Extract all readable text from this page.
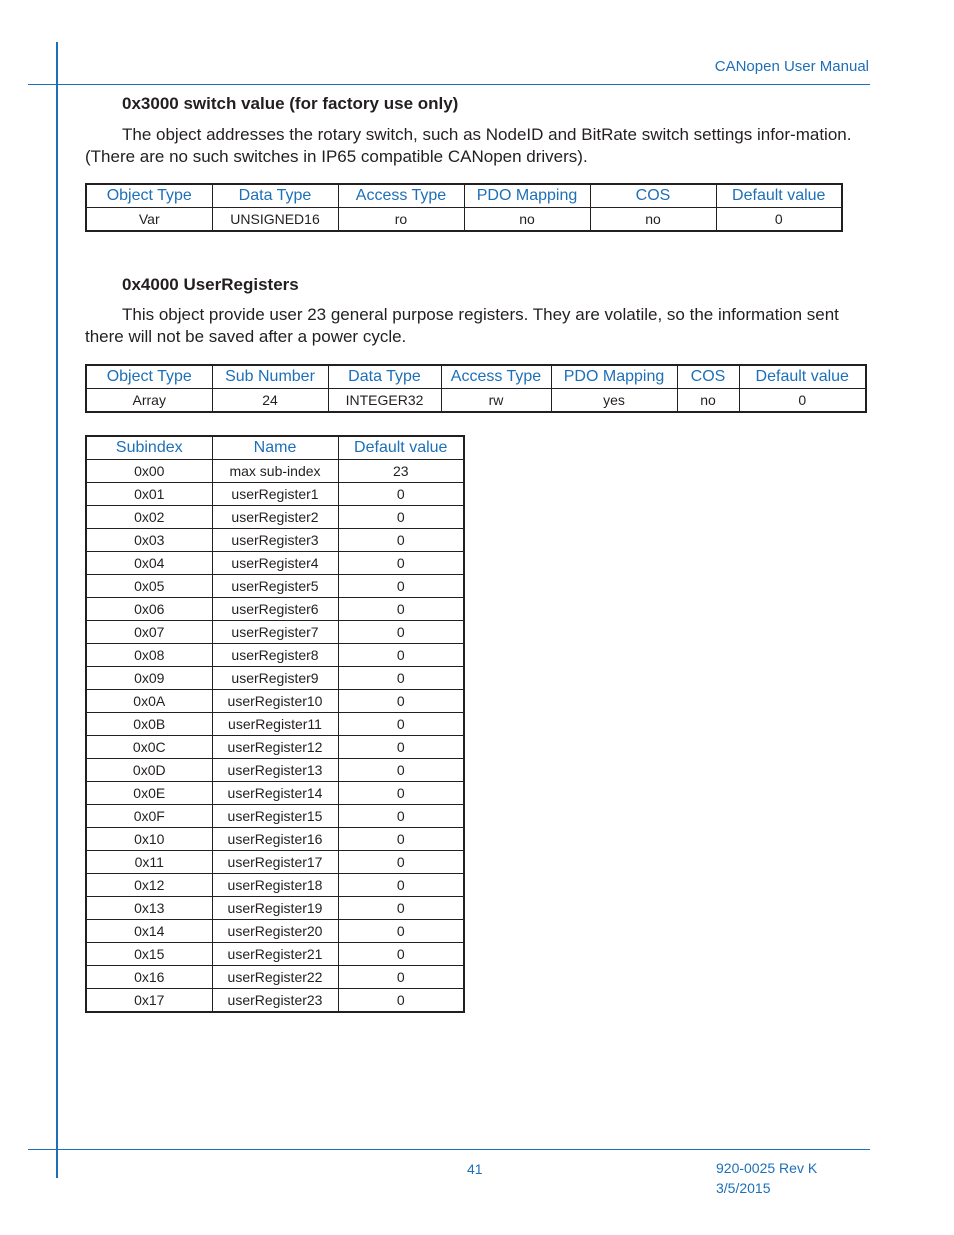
CANopen User Manual
0x3000 switch value (for factory use only)
The object addresses the rotary switch, such as NodeID and BitRate switch settings infor-mation. (There are no such switches in IP65 compatible CANopen drivers).
Object Type	Data Type	Access Type	PDO Mapping	COS	Default value
Var	UNSIGNED16	ro	no	no	0
0x4000 UserRegisters
This object provide user 23 general purpose registers. They are volatile, so the information sent there will not be saved after a power cycle.
Object Type	Sub Number	Data Type	Access Type	PDO Mapping	COS	Default value
Array	24	INTEGER32	rw	yes	no	0
Subindex	Name	Default value
0x00	max sub-index	23
0x01	userRegister1	0
0x02	userRegister2	0
0x03	userRegister3	0
0x04	userRegister4	0
0x05	userRegister5	0
0x06	userRegister6	0
0x07	userRegister7	0
0x08	userRegister8	0
0x09	userRegister9	0
0x0A	userRegister10	0
0x0B	userRegister11	0
0x0C	userRegister12	0
0x0D	userRegister13	0
0x0E	userRegister14	0
0x0F	userRegister15	0
0x10	userRegister16	0
0x11	userRegister17	0
0x12	userRegister18	0
0x13	userRegister19	0
0x14	userRegister20	0
0x15	userRegister21	0
0x16	userRegister22	0
0x17	userRegister23	0
41	920-0025 Rev K
3/5/2015
